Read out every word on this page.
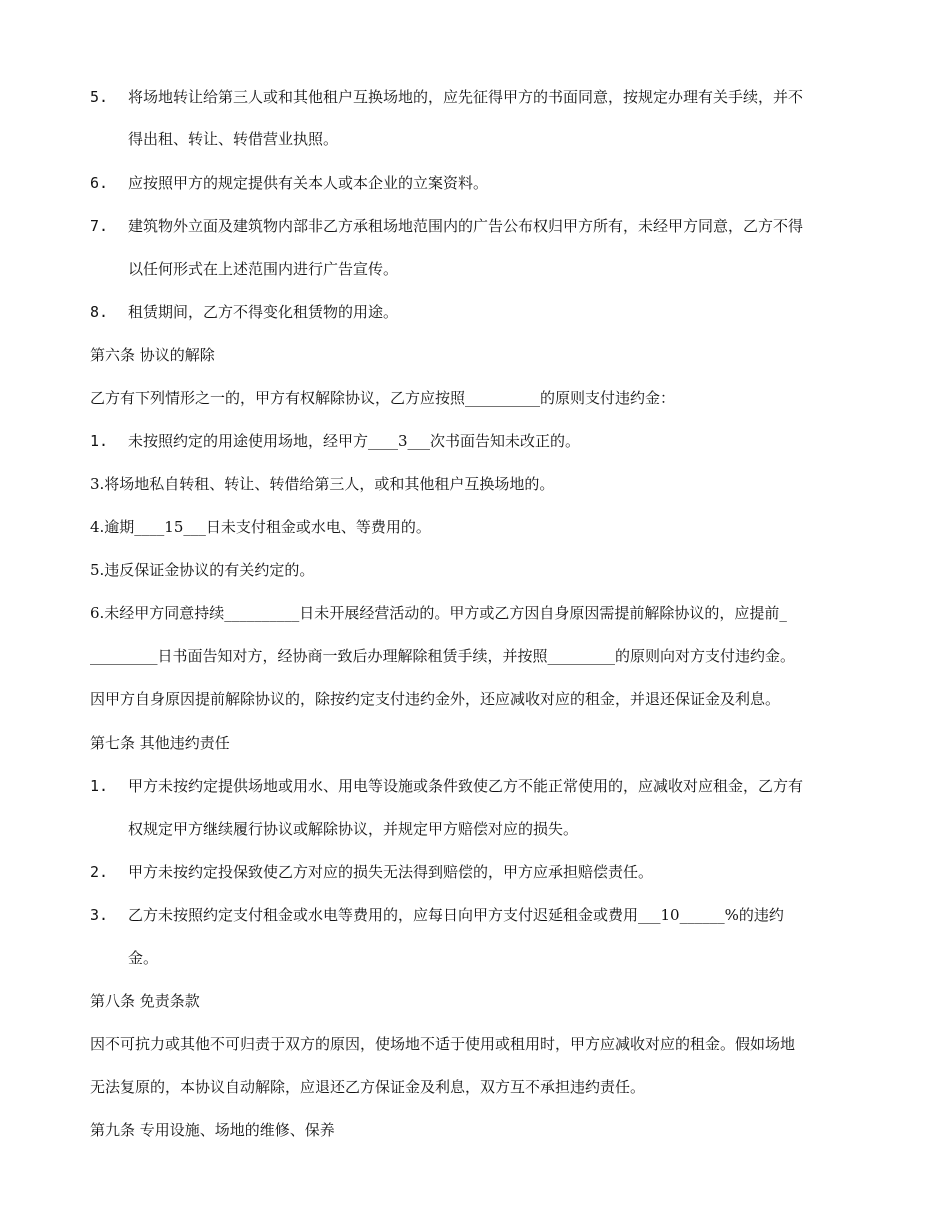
5. 将场地转让给第三人或和其他租户互换场地的，应先征得甲方的书面同意，按规定办理有关手续，并不
得出租、转让、转借营业执照。
6. 应按照甲方的规定提供有关本人或本企业的立案资料。
7. 建筑物外立面及建筑物内部非乙方承租场地范围内的广告公布权归甲方所有，未经甲方同意，乙方不得
以任何形式在上述范围内进行广告宣传。
8. 租赁期间，乙方不得变化租赁物的用途。
第六条 协议的解除
乙方有下列情形之一的，甲方有权解除协议，乙方应按照__________的原则支付违约金：
1. 未按照约定的用途使用场地，经甲方____3___次书面告知未改正的。
3.将场地私自转租、转让、转借给第三人，或和其他租户互换场地的。
4.逾期____15___日未支付租金或水电、等费用的。
5.违反保证金协议的有关约定的。
6.未经甲方同意持续__________日未开展经营活动的。甲方或乙方因自身原因需提前解除协议的，应提前_
_________日书面告知对方，经协商一致后办理解除租赁手续，并按照_________的原则向对方支付违约金。
因甲方自身原因提前解除协议的，除按约定支付违约金外，还应减收对应的租金，并退还保证金及利息。
第七条 其他违约责任
1. 甲方未按约定提供场地或用水、用电等设施或条件致使乙方不能正常使用的，应减收对应租金，乙方有
权规定甲方继续履行协议或解除协议，并规定甲方赔偿对应的损失。
2. 甲方未按约定投保致使乙方对应的损失无法得到赔偿的，甲方应承担赔偿责任。
3. 乙方未按照约定支付租金或水电等费用的，应每日向甲方支付迟延租金或费用___10______%的违约
金。
第八条 免责条款
因不可抗力或其他不可归责于双方的原因，使场地不适于使用或租用时，甲方应减收对应的租金。假如场地
无法复原的，本协议自动解除，应退还乙方保证金及利息，双方互不承担违约责任。
第九条 专用设施、场地的维修、保养
